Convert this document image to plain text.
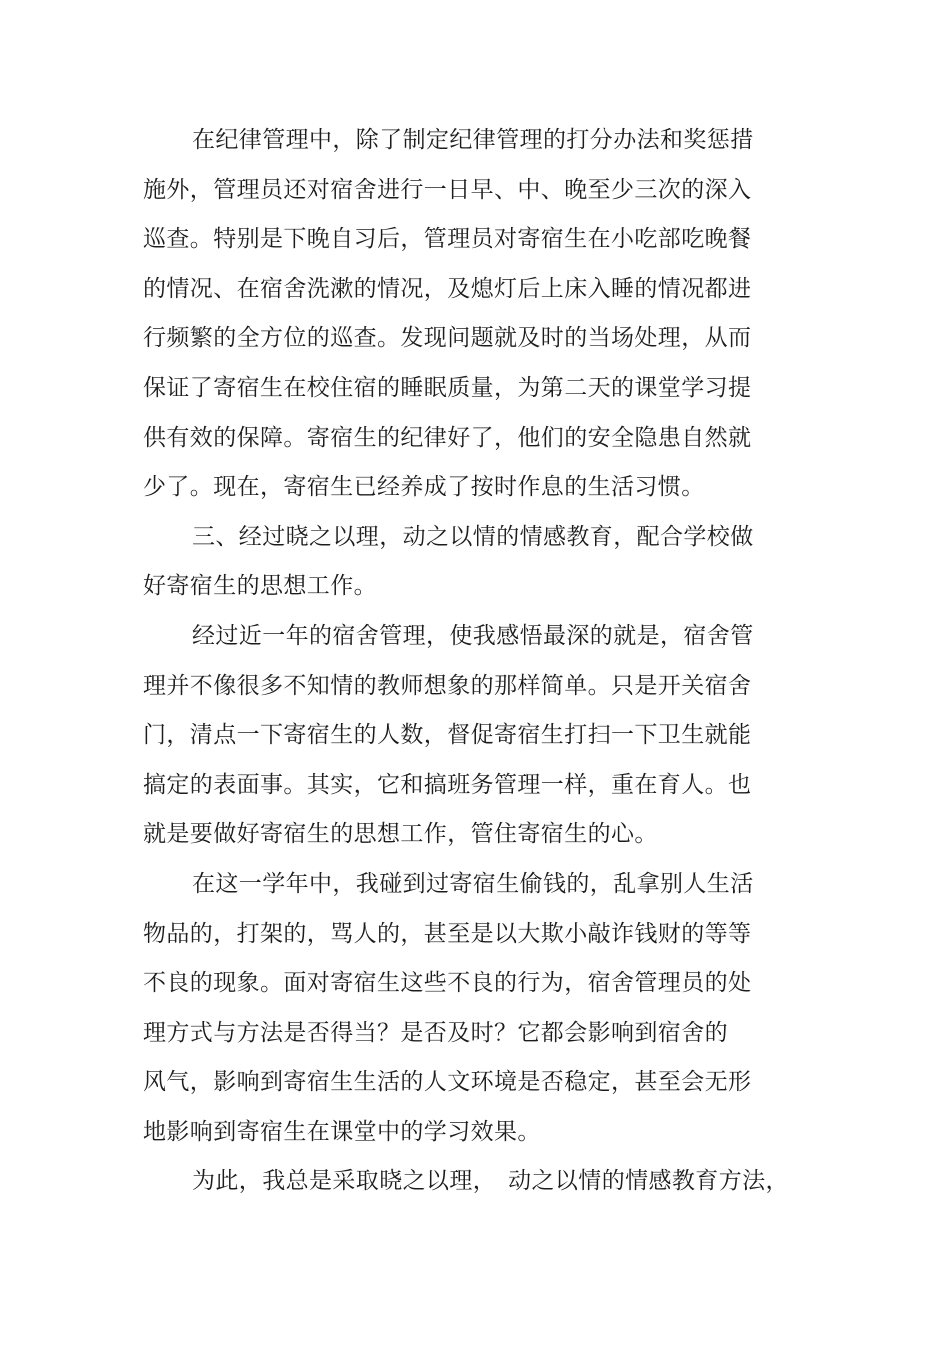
在纪律管理中，除了制定纪律管理的打分办法和奖惩措
施外，管理员还对宿舍进行一日早、中、晚至少三次的深入
巡查。特别是下晚自习后，管理员对寄宿生在小吃部吃晚餐
的情况、在宿舍洗漱的情况，及熄灯后上床入睡的情况都进
行频繁的全方位的巡查。发现问题就及时的当场处理，从而
保证了寄宿生在校住宿的睡眠质量，为第二天的课堂学习提
供有效的保障。寄宿生的纪律好了，他们的安全隐患自然就
少了。现在，寄宿生已经养成了按时作息的生活习惯。
三、经过晓之以理，动之以情的情感教育，配合学校做
好寄宿生的思想工作。
经过近一年的宿舍管理，使我感悟最深的就是，宿舍管
理并不像很多不知情的教师想象的那样简单。只是开关宿舍
门，清点一下寄宿生的人数，督促寄宿生打扫一下卫生就能
搞定的表面事。其实，它和搞班务管理一样，重在育人。也
就是要做好寄宿生的思想工作，管住寄宿生的心。
在这一学年中，我碰到过寄宿生偷钱的，乱拿别人生活
物品的，打架的，骂人的，甚至是以大欺小敲诈钱财的等等
不良的现象。面对寄宿生这些不良的行为，宿舍管理员的处
理方式与方法是否得当？是否及时？它都会影响到宿舍的
风气，影响到寄宿生生活的人文环境是否稳定，甚至会无形
地影响到寄宿生在课堂中的学习效果。
为此，我总是采取晓之以理，　动之以情的情感教育方法，
